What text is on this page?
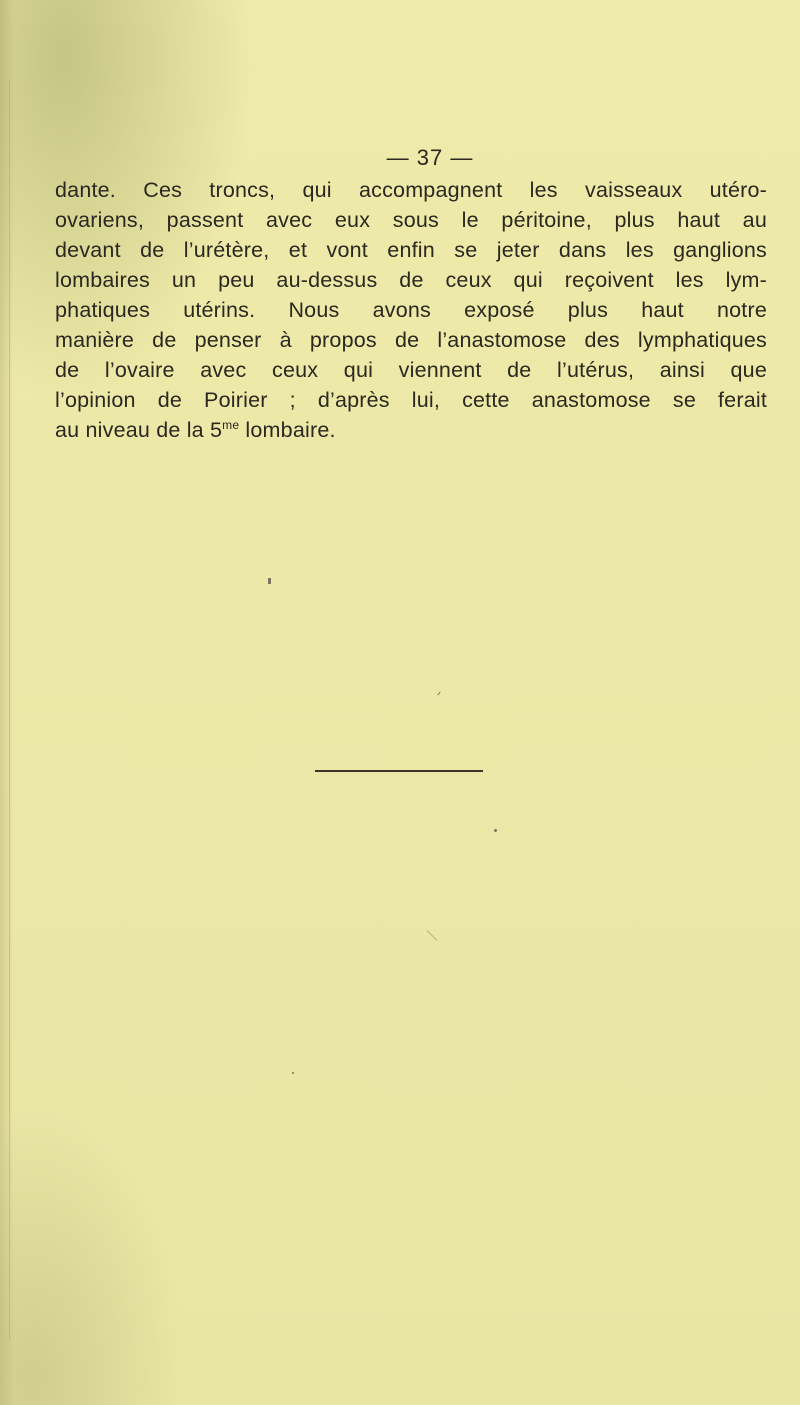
— 37 —
dante. Ces troncs, qui accompagnent les vaisseaux utéro-
ovariens, passent avec eux sous le péritoine, plus haut au
devant de l’urétère, et vont enfin se jeter dans les ganglions
lombaires un peu au-dessus de ceux qui reçoivent les lym-
phatiques utérins. Nous avons exposé plus haut notre
manière de penser à propos de l’anastomose des lymphatiques
de l’ovaire avec ceux qui viennent de l’utérus, ainsi que
l’opinion de Poirier ; d’après lui, cette anastomose se ferait
au niveau de la $5^{me}$ lombaire.
